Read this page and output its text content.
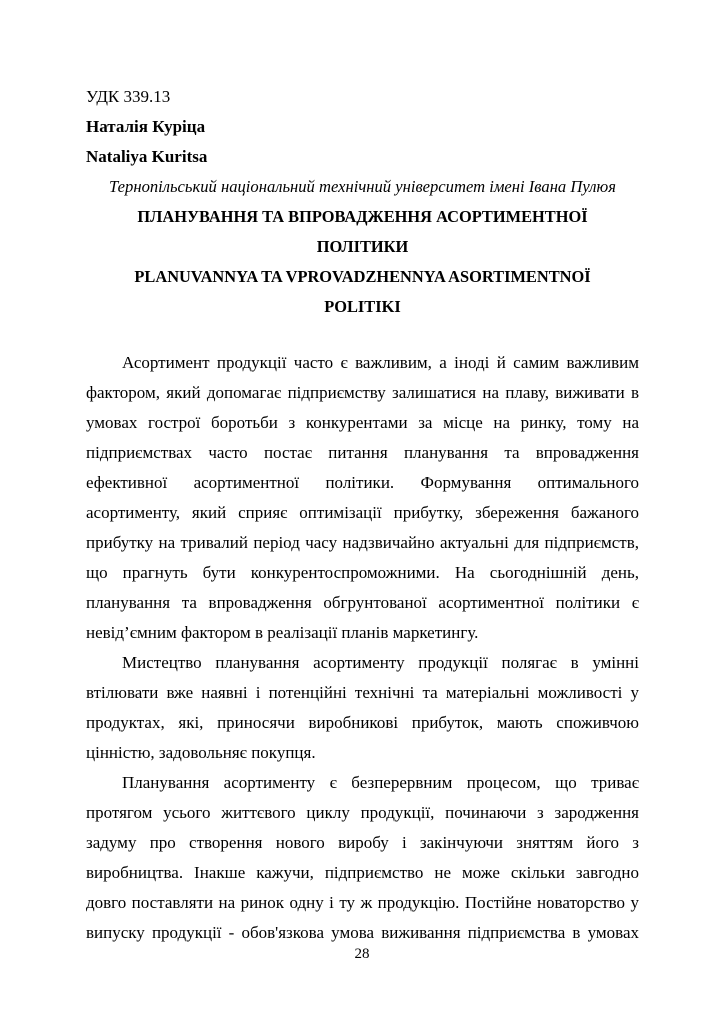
УДК 339.13
Наталія Куріца
Nataliya Kuritsa
Тернопільський національний технічний університет імені Івана Пулюя
ПЛАНУВАННЯ ТА ВПРОВАДЖЕННЯ АСОРТИМЕНТНОЇ
ПОЛІТИКИ
PLANUVANNYA TA VPROVADZHENNYA ASORTIMENTNOЇ
POLITIKI
Асортимент продукції часто є важливим, а іноді й самим важливим
фактором, який допомагає підприємству залишатися на плаву, виживати в
умовах гострої боротьби з конкурентами за місце на ринку, тому на
підприємствах часто постає питання планування та впровадження
ефективної асортиментної політики. Формування оптимального
асортименту, який сприяє оптимізації прибутку, збереження бажаного
прибутку на тривалий період часу надзвичайно актуальні для підприємств,
що прагнуть бути конкурентоспроможними. На сьогоднішній день,
планування та впровадження обгрунтованої асортиментної політики є
невід’ємним фактором в реалізації планів маркетингу.
Мистецтво планування асортименту продукції полягає в умінні
втілювати вже наявні і потенційні технічні та матеріальні можливості у
продуктах, які, приносячи виробникові прибуток, мають споживчою
цінністю, задовольняє покупця.
Планування асортименту є безперервним процесом, що триває
протягом усього життєвого циклу продукції, починаючи з зародження
задуму про створення нового виробу і закінчуючи зняттям його з
виробництва. Інакше кажучи, підприємство не може скільки завгодно
довго поставляти на ринок одну і ту ж продукцію. Постійне новаторство у
випуску продукції - обов'язкова умова виживання підприємства в умовах
28
